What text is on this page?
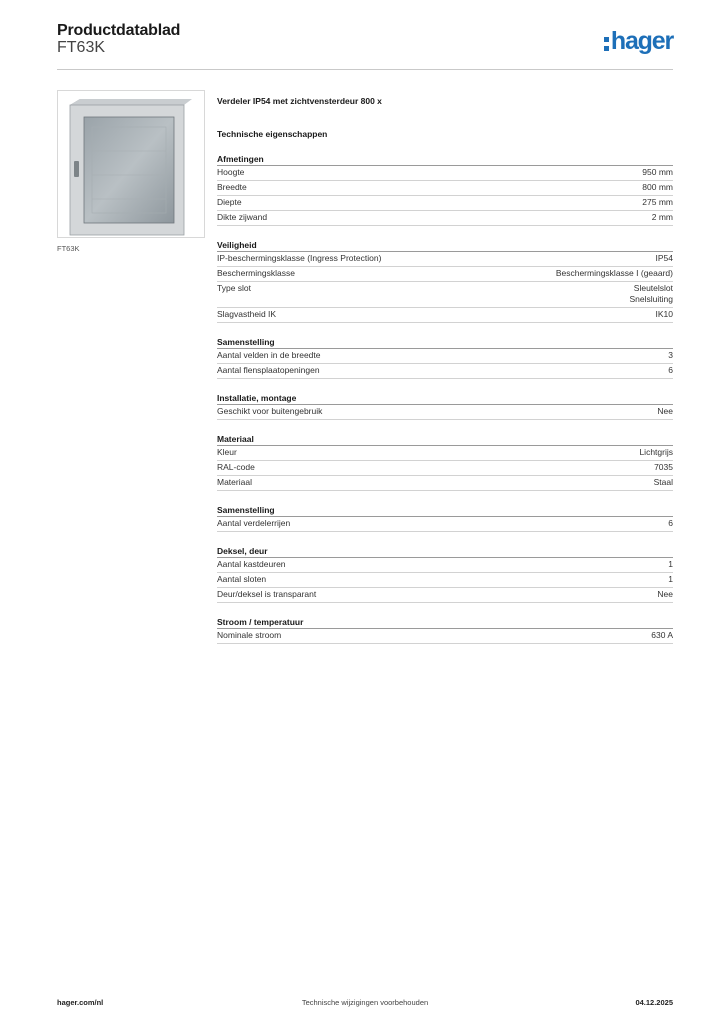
Productdatablad
FT63K	hager
FT63K
Verdeler IP54 met zichtvensterdeur 800 x
Technische eigenschappen
Afmetingen
Hoogte	950 mm
Breedte	800 mm
Diepte	275 mm
Dikte zijwand	2 mm
Veiligheid
IP-beschermingsklasse (Ingress Protection)	IP54
Beschermingsklasse	Beschermingsklasse I (geaard)
Type slot	Sleutelslot
Snelsluiting
Slagvastheid IK	IK10
Samenstelling
Aantal velden in de breedte	3
Aantal flensplaatopeningen	6
Installatie, montage
Geschikt voor buitengebruik	Nee
Materiaal
Kleur	Lichtgrijs
RAL-code	7035
Materiaal	Staal
Samenstelling
Aantal verdelerrijen	6
Deksel, deur
Aantal kastdeuren	1
Aantal sloten	1
Deur/deksel is transparant	Nee
Stroom / temperatuur
Nominale stroom	630 A
hager.com/nl	Technische wijzigingen voorbehouden	04.12.2025
